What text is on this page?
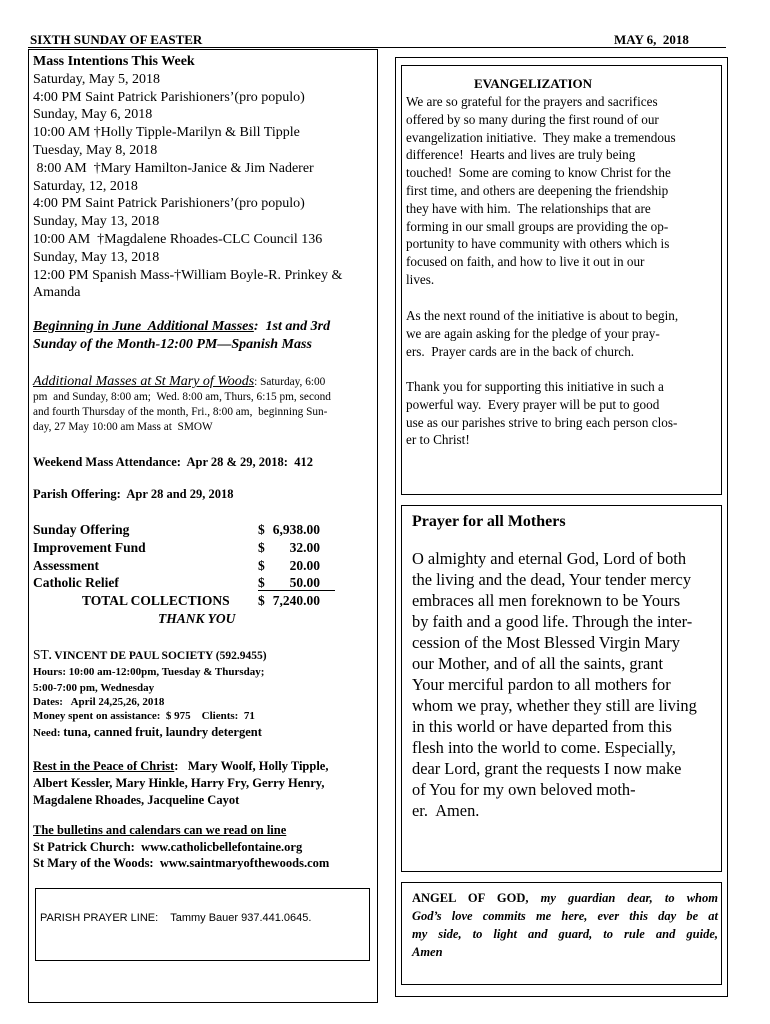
SIXTH SUNDAY OF EASTER	MAY 6,  2018
Mass Intentions This Week
Saturday, May 5, 2018
4:00 PM Saint Patrick Parishioners’(pro populo)
Sunday, May 6, 2018
10:00 AM †Holly Tipple-Marilyn & Bill Tipple
Tuesday, May 8, 2018
8:00 AM  †Mary Hamilton-Janice & Jim Naderer
Saturday, 12, 2018
4:00 PM Saint Patrick Parishioners’(pro populo)
Sunday, May 13, 2018
10:00 AM  †Magdalene Rhoades-CLC Council 136
Sunday, May 13, 2018
12:00 PM Spanish Mass-†William Boyle-R. Prinkey &
Amanda
Beginning in June  Additional Masses:  1st and 3rd
Sunday of the Month-12:00 PM—Spanish Mass
Additional Masses at St Mary of Woods: Saturday, 6:00
pm  and Sunday, 8:00 am;  Wed. 8:00 am, Thurs, 6:15 pm, second
and fourth Thursday of the month, Fri., 8:00 am,  beginning Sun-
day, 27 May 10:00 am Mass at  SMOW
Weekend Mass Attendance:  Apr 28 & 29, 2018:  412
Parish Offering:  Apr 28 and 29, 2018
Sunday Offering	$ 6,938.00
Improvement Fund	$ 32.00
Assessment	$ 20.00
Catholic Relief	$ 50.00
TOTAL COLLECTIONS $ 7,240.00
THANK YOU
ST. VINCENT DE PAUL SOCIETY (592.9455)
Hours: 10:00 am-12:00pm, Tuesday & Thursday;
5:00-7:00 pm, Wednesday
Dates:   April 24,25,26, 2018
Money spent on assistance:  $ 975    Clients:  71
Need: tuna, canned fruit, laundry detergent
Rest in the Peace of Christ:   Mary Woolf, Holly Tipple,
Albert Kessler, Mary Hinkle, Harry Fry, Gerry Henry,
Magdalene Rhoades, Jacqueline Cayot
The bulletins and calendars can we read on line
St Patrick Church:  www.catholicbellefontaine.org
St Mary of the Woods:  www.saintmaryofthewoods.com
PARISH PRAYER LINE:    Tammy Bauer 937.441.0645.
EVANGELIZATION
We are so grateful for the prayers and sacrifices
offered by so many during the first round of our
evangelization initiative.  They make a tremendous
difference!  Hearts and lives are truly being
touched!  Some are coming to know Christ for the
first time, and others are deepening the friendship
they have with him.  The relationships that are
forming in our small groups are providing the op-
portunity to have community with others which is
focused on faith, and how to live it out in our
lives.
As the next round of the initiative is about to begin,
we are again asking for the pledge of your pray-
ers.  Prayer cards are in the back of church.
Thank you for supporting this initiative in such a
powerful way.  Every prayer will be put to good
use as our parishes strive to bring each person clos-
er to Christ!
Prayer for all Mothers
O almighty and eternal God, Lord of both
the living and the dead, Your tender mercy
embraces all men foreknown to be Yours
by faith and a good life. Through the inter-
cession of the Most Blessed Virgin Mary
our Mother, and of all the saints, grant
Your merciful pardon to all mothers for
whom we pray, whether they still are living
in this world or have departed from this
flesh into the world to come. Especially,
dear Lord, grant the requests I now make
of You for my own beloved moth-
er.  Amen.
ANGEL OF GOD, my guardian dear, to whom
God’s love commits me here, ever this day be at
my side, to light and guard, to rule and guide,
Amen
